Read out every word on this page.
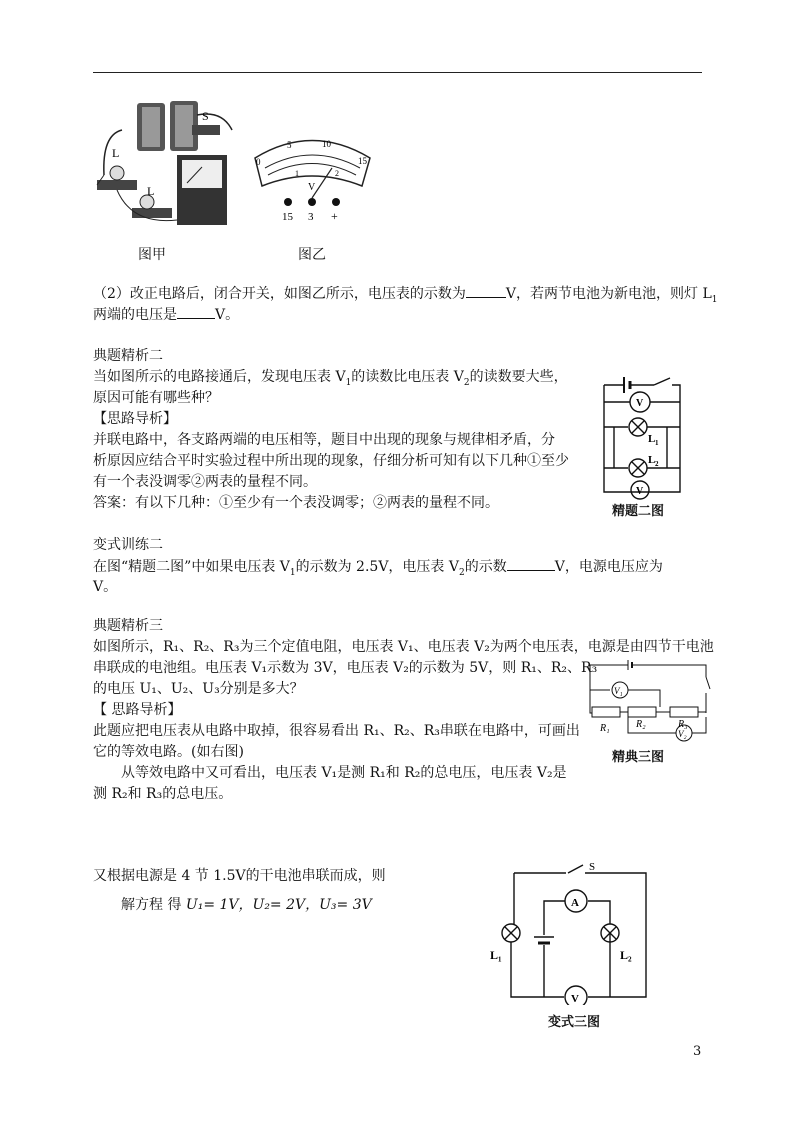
S
L
L
图甲
0
5	10
15
1	2
V
15 3 +
图乙
（2）改正电路后，闭合开关，如图乙所示，电压表的示数为	V，若两节电池为新电池，则灯 $L_1$
两端的电压是	V。
典题精析二
当如图所示的电路接通后，发现电压表 $V_1$的读数比电压表 $V_2$的读数要大些，
原因可能有哪些种？
【思路导析】
并联电路中，各支路两端的电压相等，题目中出现的现象与规律相矛盾，分
析原因应结合平时实验过程中所出现的现象，仔细分析可知有以下几种①至少
有一个表没调零②两表的量程不同。
答案：有以下几种：①至少有一个表没调零；②两表的量程不同。
V
V
L 1
L 2
精题二图
变式训练二
在图“精题二图”中如果电压表 $V_1$的示数为 2.5V，电压表 $V_2$的示数	V，电源电压应为
V。
典题精析三
如图所示，R₁、R₂、R₃为三个定值电阻，电压表 V₁、电压表 V₂为两个电压表，电源是由四节干电池
串联成的电池组。电压表 V₁示数为 3V，电压表 V₂的示数为 5V，则 R₁、R₂、R₃
的电压 U₁、U₂、U₃分别是多大？
【 思路导析】
此题应把电压表从电路中取掉，很容易看出 R₁、R₂、R₃串联在电路中，可画出
它的等效电路。(如右图)
从等效电路中又可看出，电压表 V₁是测 R₁和 R₂的总电压，电压表 V₂是
测 R₂和 R₃的总电压。
V₁
V₂
R₁	R₂	R₃
精典三图
又根据电源是 4 节 1.5V的干电池串联而成，则
解方程 得 U₁= 1V，U₂= 2V，U₃= 3V
S
A
V
L₁	L₂
变式三图
3
